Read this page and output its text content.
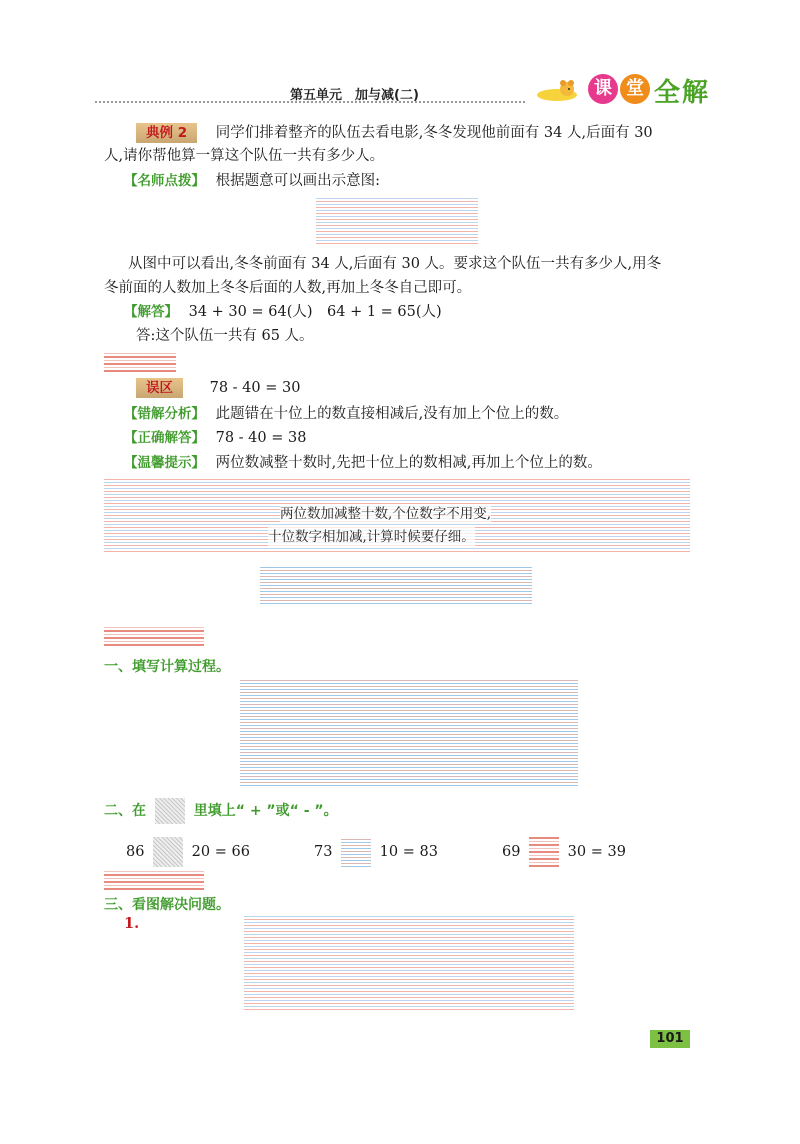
第五单元　加与减(二)	课 堂 全解
典例 2 同学们排着整齐的队伍去看电影,冬冬发现他前面有 34 人,后面有 30
人,请你帮他算一算这个队伍一共有多少人。
【名师点拨】 根据题意可以画出示意图:
从图中可以看出,冬冬前面有 34 人,后面有 30 人。要求这个队伍一共有多少人,用冬
冬前面的人数加上冬冬后面的人数,再加上冬冬自己即可。
【解答】 34 + 30 = 64(人)　64 + 1 = 65(人)
答:这个队伍一共有 65 人。
误区	78 - 40 = 30
【错解分析】 此题错在十位上的数直接相减后,没有加上个位上的数。
【正确解答】 78 - 40 = 38
【温馨提示】 两位数减整十数时,先把十位上的数相减,再加上个位上的数。
两位数加减整十数,个位数字不用变,
十位数字相加减,计算时候要仔细。
一、填写计算过程。
二、在	里填上“ + ”或“ - ”。
86	20 = 66	73	10 = 83	69	30 = 39
三、看图解决问题。
1.
101
